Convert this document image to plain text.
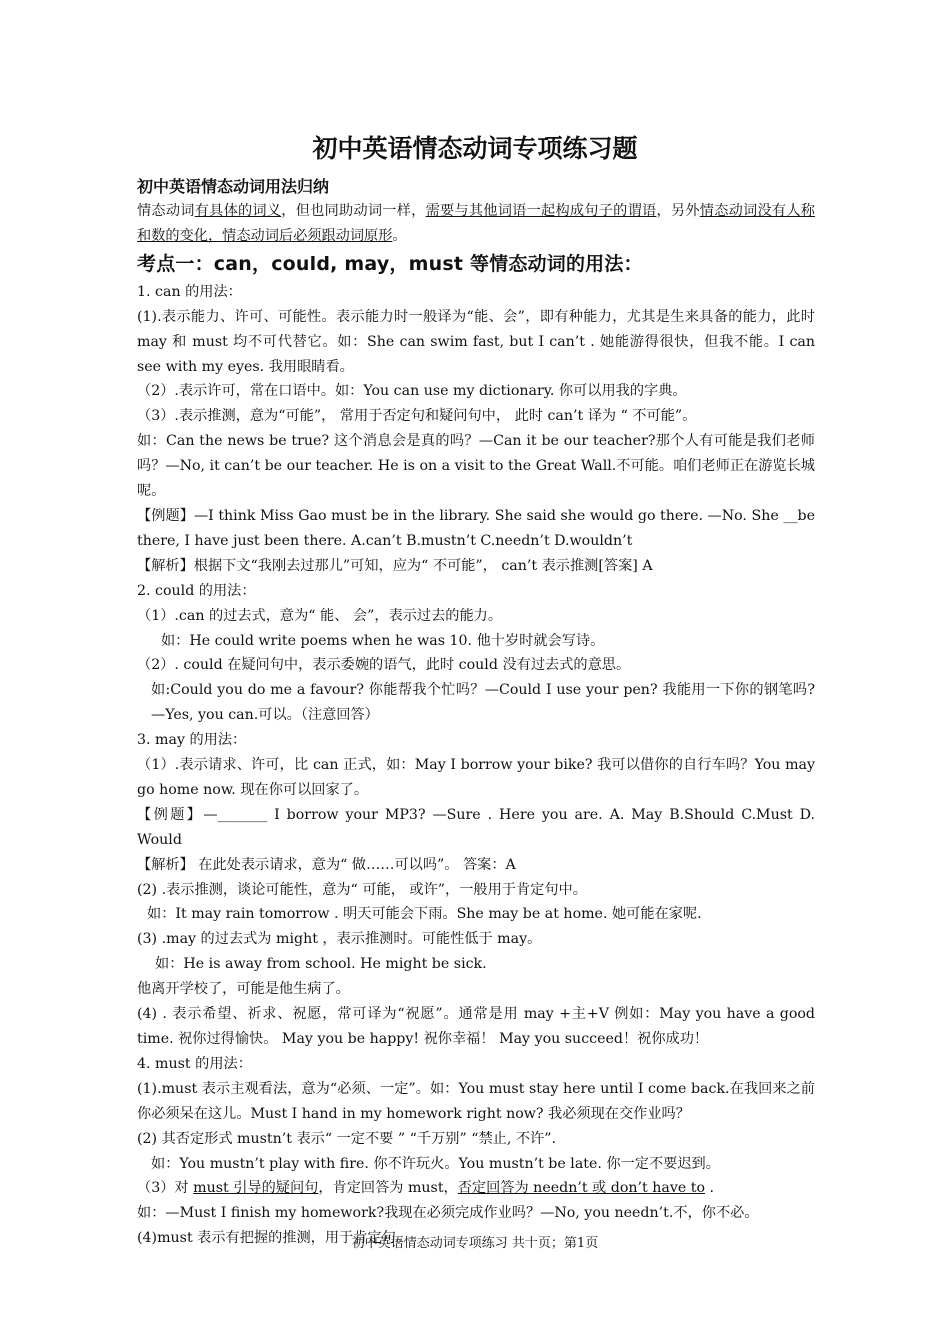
初中英语情态动词专项练习题
初中英语情态动词用法归纳

情态动词有具体的词义，但也同助动词一样，需要与其他词语一起构成句子的谓语，另外情态动词没有人称和数的变化，情态动词后必须跟动词原形。

考点一：can，could, may，must 等情态动词的用法：

1. can 的用法：

(1).表示能力、许可、可能性。表示能力时一般译为“能、会”，即有种能力，尤其是生来具备的能力，此时 may 和 must 均不可代替它。如：She can swim fast, but I can’t . 她能游得很快，但我不能。I can see with my eyes. 我用眼睛看。

（2）.表示许可，常在口语中。如：You can use my dictionary. 你可以用我的字典。

（3）.表示推测，意为“可能”， 常用于否定句和疑问句中， 此时 can’t 译为 “ 不可能”。

如：Can the news be true? 这个消息会是真的吗？—Can it be our teacher?那个人有可能是我们老师吗？—No, it can’t be our teacher. He is on a visit to the Great Wall.不可能。咱们老师正在游览长城呢。

【例题】—I think Miss Gao must be in the library. She said she would go there. —No. She __be there, I have just been there. A.can’t B.mustn’t C.needn’t D.wouldn’t

【解析】根据下文“我刚去过那儿”可知，应为“ 不可能”， can’t 表示推测[答案] A

2. could 的用法：

（1）.can 的过去式，意为“ 能、 会”，表示过去的能力。

如：He could write poems when he was 10. 他十岁时就会写诗。

（2）. could 在疑问句中，表示委婉的语气，此时 could 没有过去式的意思。

如:Could you do me a favour? 你能帮我个忙吗？—Could I use your pen? 我能用一下你的钢笔吗? —Yes, you can.可以。（注意回答）

3. may 的用法：

（1）.表示请求、许可，比 can 正式，如：May I borrow your bike? 我可以借你的自行车吗？You may go home now. 现在你可以回家了。

【例题】—_______ I borrow your MP3? —Sure . Here you are. A. May B.Should C.Must D. Would

【解析】 在此处表示请求，意为“ 做……可以吗”。 答案：A

(2) .表示推测，谈论可能性，意为“ 可能， 或许”，一般用于肯定句中。

如：It may rain tomorrow . 明天可能会下雨。She may be at home. 她可能在家呢.

(3) .may 的过去式为 might ，表示推测时。可能性低于 may。

如：He is away from school. He might be sick.

他离开学校了，可能是他生病了。

(4) . 表示希望、祈求、祝愿，常可译为“祝愿”。通常是用 may +主+V 例如：May you have a good time. 祝你过得愉快。 May you be happy! 祝你幸福！ May you succeed！祝你成功！

4. must 的用法：

(1).must 表示主观看法，意为“必须、一定”。如：You must stay here until I come back.在我回来之前你必须呆在这儿。Must I hand in my homework right now? 我必须现在交作业吗？

(2) 其否定形式 mustn’t 表示“ 一定不要 ” “千万别” “禁止, 不许”.

如：You mustn’t play with fire. 你不许玩火。You mustn’t be late. 你一定不要迟到。

（3）对 must 引导的疑问句，肯定回答为 must，否定回答为 needn’t 或 don’t have to .

如：—Must I finish my homework?我现在必须完成作业吗？—No, you needn’t.不，你不必。

(4)must 表示有把握的推测，用于肯定句。

初中英语情态动词专项练习 共十页；第1页
